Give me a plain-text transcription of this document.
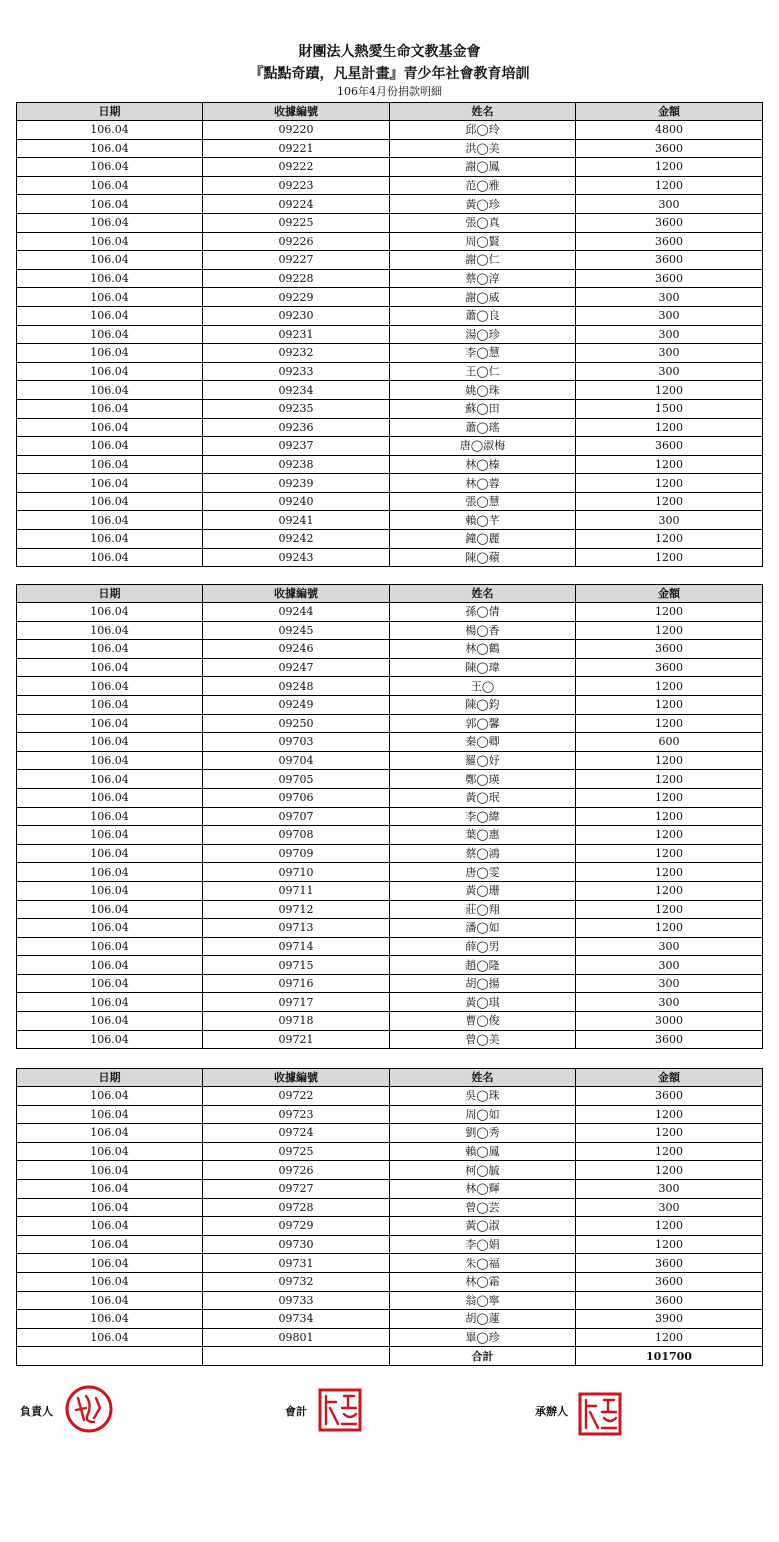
財團法人熱愛生命文教基金會
『點點奇蹟，凡星計畫』青少年社會教育培訓
106年4月份捐款明細
日期	收據編號	姓名	金額
106.04	09220	邱◯玲	4800
106.04	09221	洪◯美	3600
106.04	09222	謝◯鳳	1200
106.04	09223	范◯雅	1200
106.04	09224	黃◯珍	300
106.04	09225	張◯真	3600
106.04	09226	周◯賢	3600
106.04	09227	謝◯仁	3600
106.04	09228	蔡◯淳	3600
106.04	09229	謝◯威	300
106.04	09230	蕭◯良	300
106.04	09231	湯◯珍	300
106.04	09232	李◯慧	300
106.04	09233	王◯仁	300
106.04	09234	姚◯珠	1200
106.04	09235	蘇◯田	1500
106.04	09236	蕭◯瑤	1200
106.04	09237	唐◯淑梅	3600
106.04	09238	林◯榛	1200
106.04	09239	林◯蓉	1200
106.04	09240	張◯慧	1200
106.04	09241	賴◯芊	300
106.04	09242	鐘◯麗	1200
106.04	09243	陳◯蘋	1200
日期	收據編號	姓名	金額
106.04	09244	孫◯倩	1200
106.04	09245	楊◯香	1200
106.04	09246	林◯鶴	3600
106.04	09247	陳◯瑋	3600
106.04	09248	王◯	1200
106.04	09249	陳◯鈞	1200
106.04	09250	郭◯馨	1200
106.04	09703	秦◯卿	600
106.04	09704	羅◯妤	1200
106.04	09705	鄭◯瑛	1200
106.04	09706	黃◯珉	1200
106.04	09707	李◯緯	1200
106.04	09708	葉◯惠	1200
106.04	09709	蔡◯鴻	1200
106.04	09710	唐◯雯	1200
106.04	09711	黃◯珊	1200
106.04	09712	莊◯翔	1200
106.04	09713	潘◯如	1200
106.04	09714	薛◯男	300
106.04	09715	趙◯隆	300
106.04	09716	胡◯揚	300
106.04	09717	黃◯琪	300
106.04	09718	曹◯俊	3000
106.04	09721	曾◯美	3600
日期	收據編號	姓名	金額
106.04	09722	吳◯珠	3600
106.04	09723	周◯如	1200
106.04	09724	劉◯秀	1200
106.04	09725	賴◯鳳	1200
106.04	09726	柯◯毓	1200
106.04	09727	林◯輝	300
106.04	09728	曾◯芸	300
106.04	09729	黃◯淑	1200
106.04	09730	李◯娟	1200
106.04	09731	朱◯福	3600
106.04	09732	林◯霜	3600
106.04	09733	翁◯寧	3600
106.04	09734	胡◯蓮	3900
106.04	09801	畢◯珍	1200
		合計	101700
負責人	會計	承辦人
